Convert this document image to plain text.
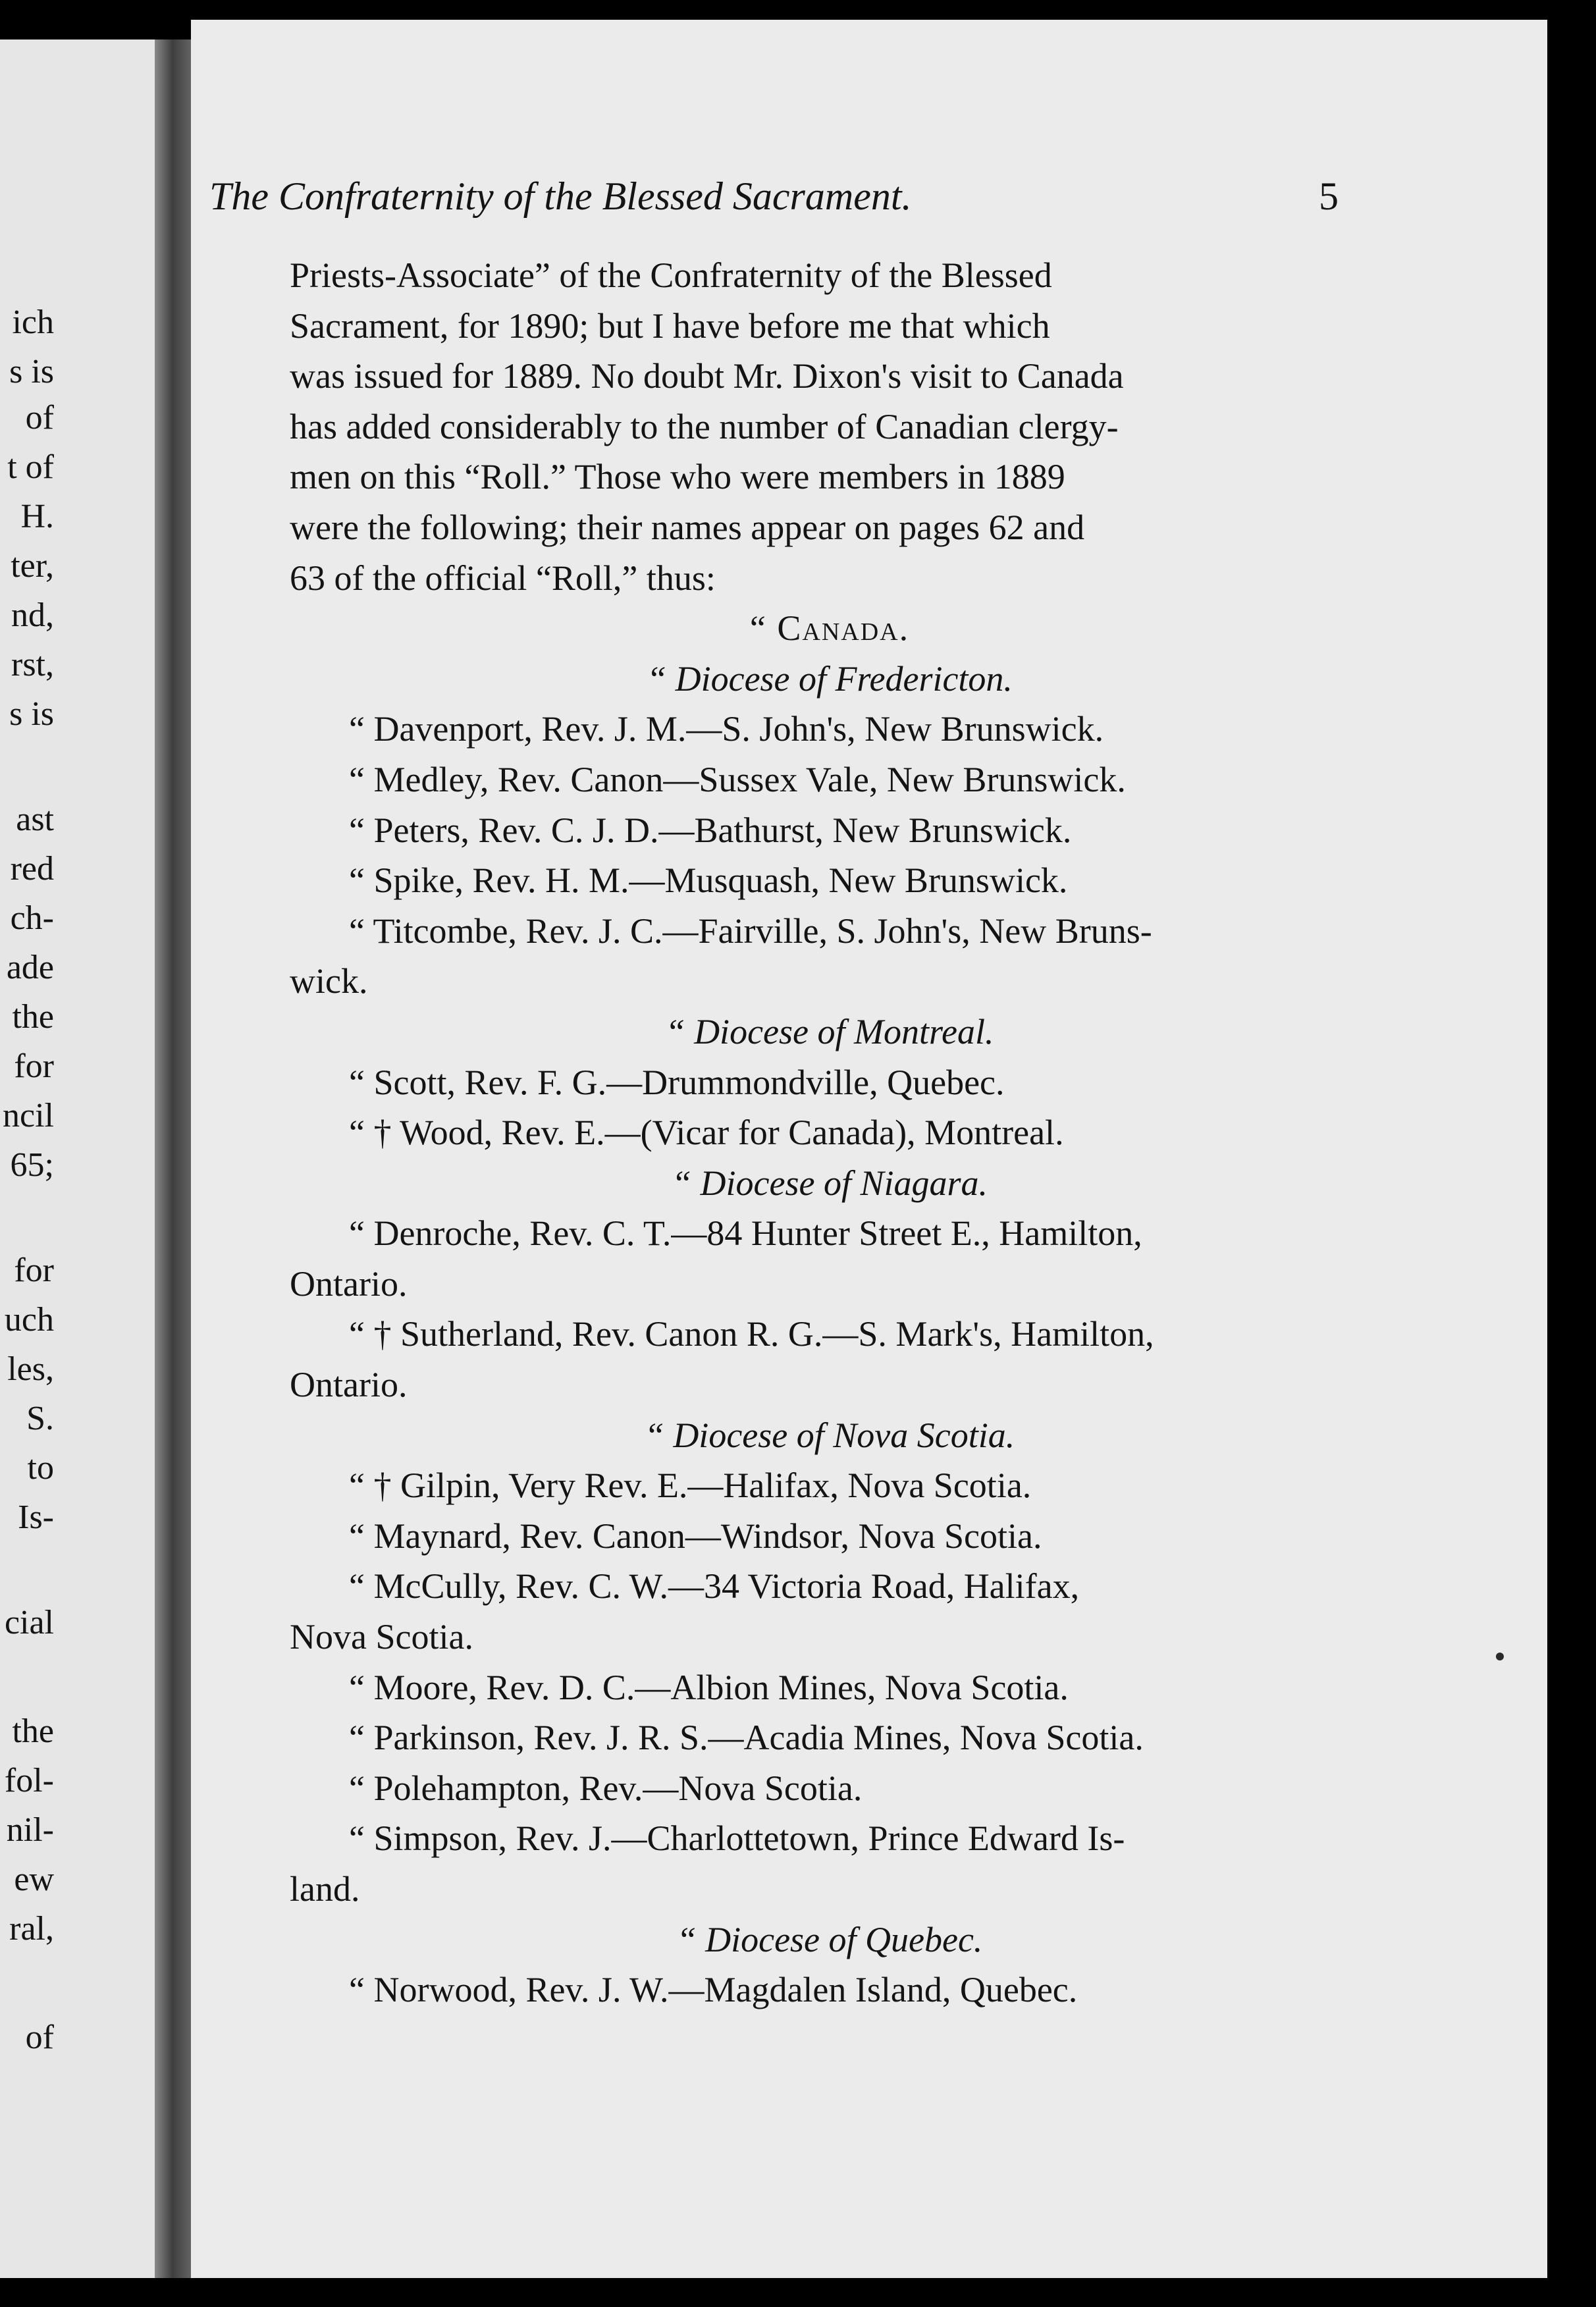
ich
s is
of
t of
H.
ter,
nd,
rst,
s is
ast
red
ch-
ade
the
for
ncil
65;
for
uch
les,
S.
to
Is-
cial
the
fol-
nil-
ew
ral,
of
The Confraternity of the Blessed Sacrament.	5
Priests-Associate” of the Confraternity of the Blessed
Sacrament, for 1890; but I have before me that which
was issued for 1889. No doubt Mr. Dixon's visit to Canada
has added considerably to the number of Canadian clergy-
men on this “Roll.” Those who were members in 1889
were the following; their names appear on pages 62 and
63 of the official “Roll,” thus:
“ Canada.
“ Diocese of Fredericton.
“ Davenport, Rev. J. M.—S. John's, New Brunswick.
“ Medley, Rev. Canon—Sussex Vale, New Brunswick.
“ Peters, Rev. C. J. D.—Bathurst, New Brunswick.
“ Spike, Rev. H. M.—Musquash, New Brunswick.
“ Titcombe, Rev. J. C.—Fairville, S. John's, New Bruns-
wick.
“ Diocese of Montreal.
“ Scott, Rev. F. G.—Drummondville, Quebec.
“ † Wood, Rev. E.—(Vicar for Canada), Montreal.
“ Diocese of Niagara.
“ Denroche, Rev. C. T.—84 Hunter Street E., Hamilton,
Ontario.
“ † Sutherland, Rev. Canon R. G.—S. Mark's, Hamilton,
Ontario.
“ Diocese of Nova Scotia.
“ † Gilpin, Very Rev. E.—Halifax, Nova Scotia.
“ Maynard, Rev. Canon—Windsor, Nova Scotia.
“ McCully, Rev. C. W.—34 Victoria Road, Halifax,
Nova Scotia.
“ Moore, Rev. D. C.—Albion Mines, Nova Scotia.
“ Parkinson, Rev. J. R. S.—Acadia Mines, Nova Scotia.
“ Polehampton, Rev.—Nova Scotia.
“ Simpson, Rev. J.—Charlottetown, Prince Edward Is-
land.
“ Diocese of Quebec.
“ Norwood, Rev. J. W.—Magdalen Island, Quebec.
